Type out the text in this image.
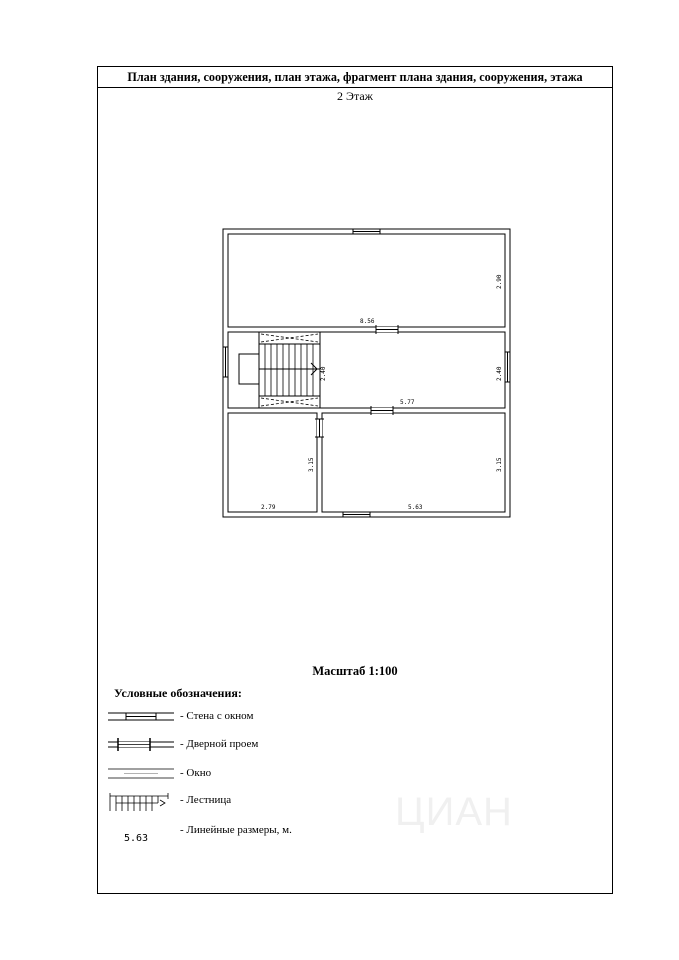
План здания, сооружения, план этажа, фрагмент плана здания, сооружения, этажа
2 Этаж
2.90
8.56
2.40	2.40
5.77
3.15
2.79
3.15
5.63
Масштаб 1:100
Условные обозначения:
- Стена с окном
- Дверной проем
- Окно
- Лестница
- Линейные размеры, м.
5.63
ЦИАН
